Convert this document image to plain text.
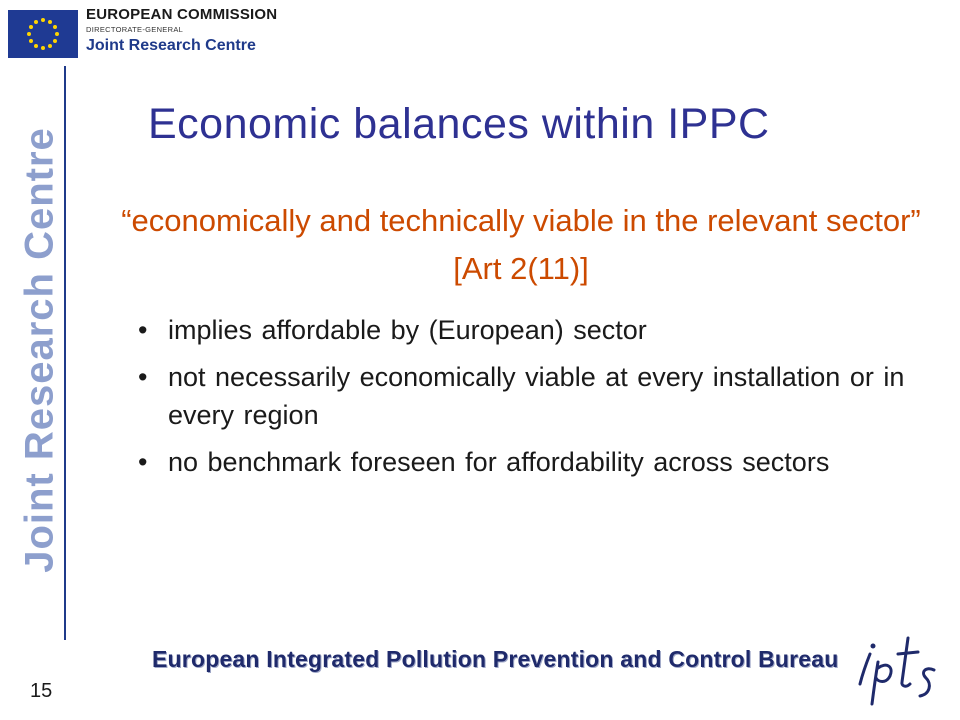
EUROPEAN COMMISSION
DIRECTORATE-GENERAL
Joint Research Centre
Joint Research Centre
Economic balances within IPPC
“economically and technically viable in the relevant sector” [Art 2(11)]
• implies affordable by (European) sector
• not necessarily economically viable at every installation or in every region
• no benchmark foreseen for affordability across sectors
European Integrated Pollution Prevention and Control Bureau
15
